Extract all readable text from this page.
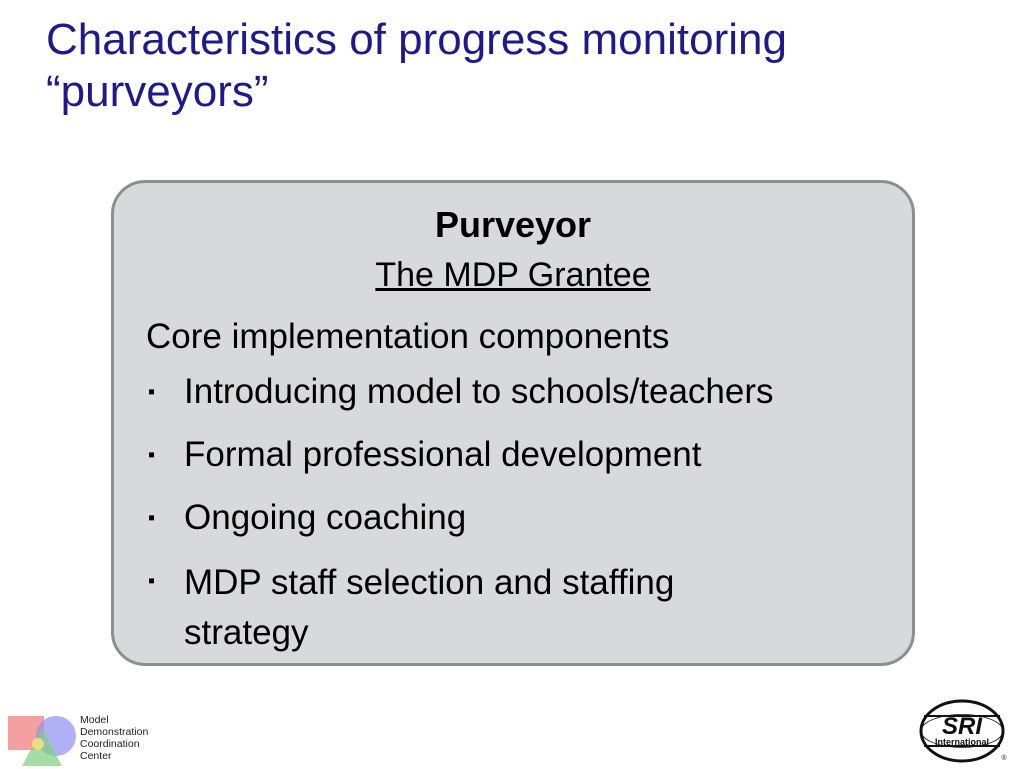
Characteristics of progress monitoring
“purveyors”
Purveyor
The MDP Grantee
Core implementation components
▪ Introducing model to schools/teachers
▪ Formal professional development
▪ Ongoing coaching
▪ MDP staff selection and staffing strategy
Model
Demonstration
Coordination
Center
SRI
International
®
